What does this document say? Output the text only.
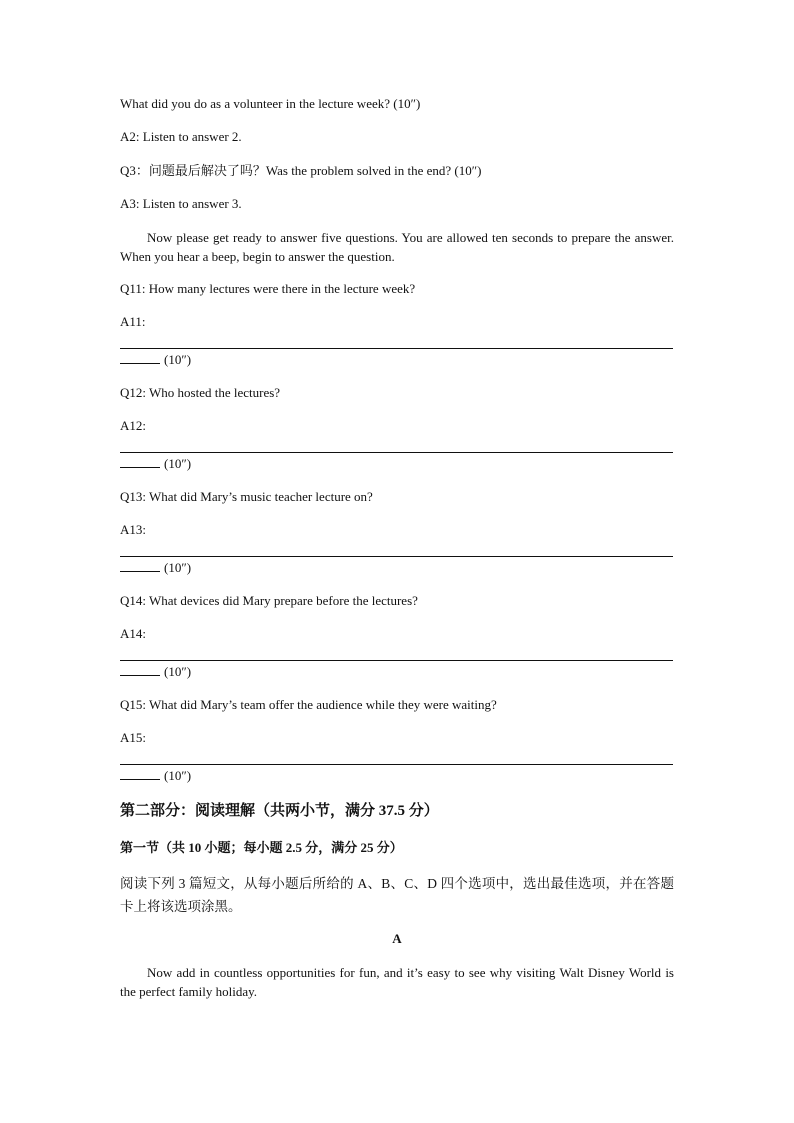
What did you do as a volunteer in the lecture week? (10″)
A2: Listen to answer 2.
Q3：问题最后解决了吗？Was the problem solved in the end? (10″)
A3: Listen to answer 3.
Now please get ready to answer five questions. You are allowed ten seconds to prepare the answer. When you hear a beep, begin to answer the question.
Q11: How many lectures were there in the lecture week?
A11:
(10″)
Q12: Who hosted the lectures?
A12:
(10″)
Q13: What did Mary’s music teacher lecture on?
A13:
(10″)
Q14: What devices did Mary prepare before the lectures?
A14:
(10″)
Q15: What did Mary’s team offer the audience while they were waiting?
A15:
(10″)
第二部分：阅读理解（共两小节，满分 37.5 分）
第一节（共 10 小题；每小题 2.5 分，满分 25 分）
阅读下列 3 篇短文，从每小题后所给的 A、B、C、D 四个选项中，选出最佳选项，并在答题卡上将该选项涂黑。
A
Now add in countless opportunities for fun, and it’s easy to see why visiting Walt Disney World is the perfect family holiday.
